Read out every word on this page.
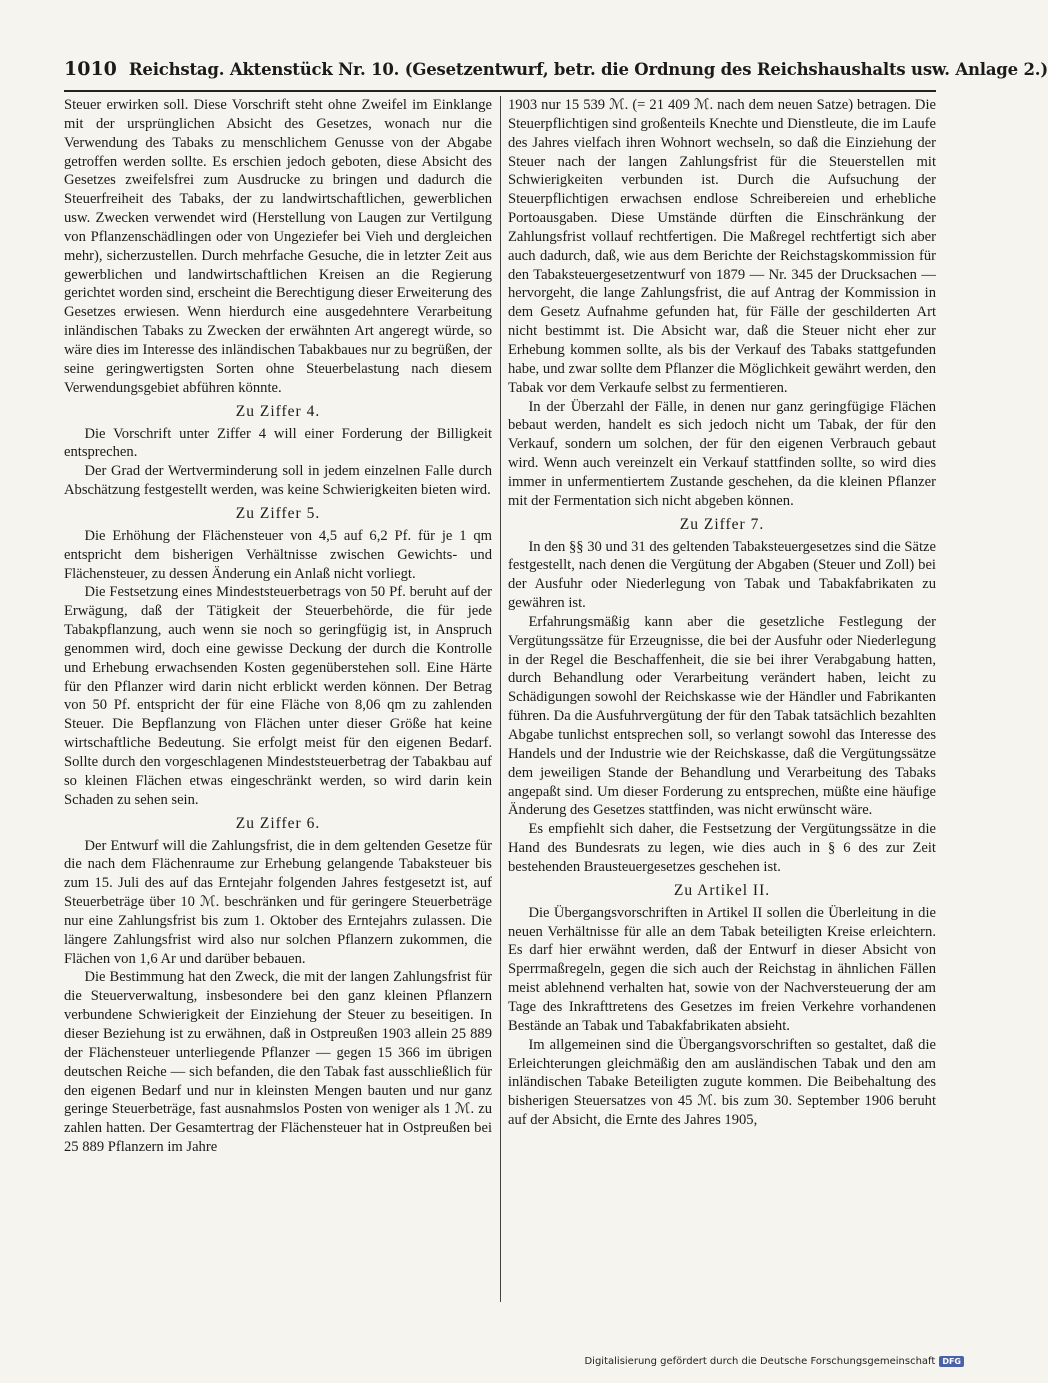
1010 Reichstag. Aktenstück Nr. 10. (Gesetzentwurf, betr. die Ordnung des Reichshaushalts usw. Anlage 2.)

Steuer erwirken soll. Diese Vorschrift steht ohne Zweifel im Einklange mit der ursprünglichen Absicht des Gesetzes, wonach nur die Verwendung des Tabaks zu menschlichem Genusse von der Abgabe getroffen werden sollte. Es erschien jedoch geboten, diese Absicht des Gesetzes zweifelsfrei zum Ausdrucke zu bringen und dadurch die Steuerfreiheit des Tabaks, der zu landwirtschaftlichen, gewerblichen usw. Zwecken verwendet wird (Herstellung von Laugen zur Vertilgung von Pflanzenschädlingen oder von Ungeziefer bei Vieh und dergleichen mehr), sicherzustellen. Durch mehrfache Gesuche, die in letzter Zeit aus gewerblichen und landwirtschaftlichen Kreisen an die Regierung gerichtet worden sind, erscheint die Berechtigung dieser Erweiterung des Gesetzes erwiesen. Wenn hierdurch eine ausgedehntere Verarbeitung inländischen Tabaks zu Zwecken der erwähnten Art angeregt würde, so wäre dies im Interesse des inländischen Tabakbaues nur zu begrüßen, der seine geringwertigsten Sorten ohne Steuerbelastung nach diesem Verwendungsgebiet abführen könnte.

Zu Ziffer 4.

Die Vorschrift unter Ziffer 4 will einer Forderung der Billigkeit entsprechen.

Der Grad der Wertverminderung soll in jedem einzelnen Falle durch Abschätzung festgestellt werden, was keine Schwierigkeiten bieten wird.

Zu Ziffer 5.

Die Erhöhung der Flächensteuer von 4,5 auf 6,2 Pf. für je 1 qm entspricht dem bisherigen Verhältnisse zwischen Gewichts- und Flächensteuer, zu dessen Änderung ein Anlaß nicht vorliegt.

Die Festsetzung eines Mindeststeuerbetrags von 50 Pf. beruht auf der Erwägung, daß der Tätigkeit der Steuerbehörde, die für jede Tabakpflanzung, auch wenn sie noch so geringfügig ist, in Anspruch genommen wird, doch eine gewisse Deckung der durch die Kontrolle und Erhebung erwachsenden Kosten gegenüberstehen soll. Eine Härte für den Pflanzer wird darin nicht erblickt werden können. Der Betrag von 50 Pf. entspricht der für eine Fläche von 8,06 qm zu zahlenden Steuer. Die Bepflanzung von Flächen unter dieser Größe hat keine wirtschaftliche Bedeutung. Sie erfolgt meist für den eigenen Bedarf. Sollte durch den vorgeschlagenen Mindeststeuerbetrag der Tabakbau auf so kleinen Flächen etwas eingeschränkt werden, so wird darin kein Schaden zu sehen sein.

Zu Ziffer 6.

Der Entwurf will die Zahlungsfrist, die in dem geltenden Gesetze für die nach dem Flächenraume zur Erhebung gelangende Tabaksteuer bis zum 15. Juli des auf das Erntejahr folgenden Jahres festgesetzt ist, auf Steuerbeträge über 10 ℳ. beschränken und für geringere Steuerbeträge nur eine Zahlungsfrist bis zum 1. Oktober des Erntejahrs zulassen. Die längere Zahlungsfrist wird also nur solchen Pflanzern zukommen, die Flächen von 1,6 Ar und darüber bebauen.

Die Bestimmung hat den Zweck, die mit der langen Zahlungsfrist für die Steuerverwaltung, insbesondere bei den ganz kleinen Pflanzern verbundene Schwierigkeit der Einziehung der Steuer zu beseitigen. In dieser Beziehung ist zu erwähnen, daß in Ostpreußen 1903 allein 25 889 der Flächensteuer unterliegende Pflanzer — gegen 15 366 im übrigen deutschen Reiche — sich befanden, die den Tabak fast ausschließlich für den eigenen Bedarf und nur in kleinsten Mengen bauten und nur ganz geringe Steuerbeträge, fast ausnahmslos Posten von weniger als 1 ℳ. zu zahlen hatten. Der Gesamtertrag der Flächensteuer hat in Ostpreußen bei 25 889 Pflanzern im Jahre

1903 nur 15 539 ℳ. (= 21 409 ℳ. nach dem neuen Satze) betragen. Die Steuerpflichtigen sind großenteils Knechte und Dienstleute, die im Laufe des Jahres vielfach ihren Wohnort wechseln, so daß die Einziehung der Steuer nach der langen Zahlungsfrist für die Steuerstellen mit Schwierigkeiten verbunden ist. Durch die Aufsuchung der Steuerpflichtigen erwachsen endlose Schreibereien und erhebliche Portoausgaben. Diese Umstände dürften die Einschränkung der Zahlungsfrist vollauf rechtfertigen. Die Maßregel rechtfertigt sich aber auch dadurch, daß, wie aus dem Berichte der Reichstagskommission für den Tabaksteuergesetzentwurf von 1879 — Nr. 345 der Drucksachen — hervorgeht, die lange Zahlungsfrist, die auf Antrag der Kommission in dem Gesetz Aufnahme gefunden hat, für Fälle der geschilderten Art nicht bestimmt ist. Die Absicht war, daß die Steuer nicht eher zur Erhebung kommen sollte, als bis der Verkauf des Tabaks stattgefunden habe, und zwar sollte dem Pflanzer die Möglichkeit gewährt werden, den Tabak vor dem Verkaufe selbst zu fermentieren.

In der Überzahl der Fälle, in denen nur ganz geringfügige Flächen bebaut werden, handelt es sich jedoch nicht um Tabak, der für den Verkauf, sondern um solchen, der für den eigenen Verbrauch gebaut wird. Wenn auch vereinzelt ein Verkauf stattfinden sollte, so wird dies immer in unfermentiertem Zustande geschehen, da die kleinen Pflanzer mit der Fermentation sich nicht abgeben können.

Zu Ziffer 7.

In den §§ 30 und 31 des geltenden Tabaksteuergesetzes sind die Sätze festgestellt, nach denen die Vergütung der Abgaben (Steuer und Zoll) bei der Ausfuhr oder Niederlegung von Tabak und Tabakfabrikaten zu gewähren ist.

Erfahrungsmäßig kann aber die gesetzliche Festlegung der Vergütungssätze für Erzeugnisse, die bei der Ausfuhr oder Niederlegung in der Regel die Beschaffenheit, die sie bei ihrer Verabgabung hatten, durch Behandlung oder Verarbeitung verändert haben, leicht zu Schädigungen sowohl der Reichskasse wie der Händler und Fabrikanten führen. Da die Ausfuhrvergütung der für den Tabak tatsächlich bezahlten Abgabe tunlichst entsprechen soll, so verlangt sowohl das Interesse des Handels und der Industrie wie der Reichskasse, daß die Vergütungssätze dem jeweiligen Stande der Behandlung und Verarbeitung des Tabaks angepaßt sind. Um dieser Forderung zu entsprechen, müßte eine häufige Änderung des Gesetzes stattfinden, was nicht erwünscht wäre.

Es empfiehlt sich daher, die Festsetzung der Vergütungssätze in die Hand des Bundesrats zu legen, wie dies auch in § 6 des zur Zeit bestehenden Brausteuergesetzes geschehen ist.

Zu Artikel II.

Die Übergangsvorschriften in Artikel II sollen die Überleitung in die neuen Verhältnisse für alle an dem Tabak beteiligten Kreise erleichtern. Es darf hier erwähnt werden, daß der Entwurf in dieser Absicht von Sperrmaßregeln, gegen die sich auch der Reichstag in ähnlichen Fällen meist ablehnend verhalten hat, sowie von der Nachversteuerung der am Tage des Inkrafttretens des Gesetzes im freien Verkehre vorhandenen Bestände an Tabak und Tabakfabrikaten absieht.

Im allgemeinen sind die Übergangsvorschriften so gestaltet, daß die Erleichterungen gleichmäßig den am ausländischen Tabak und den am inländischen Tabake Beteiligten zugute kommen. Die Beibehaltung des bisherigen Steuersatzes von 45 ℳ. bis zum 30. September 1906 beruht auf der Absicht, die Ernte des Jahres 1905,

Digitalisierung gefördert durch die Deutsche Forschungsgemeinschaft DFG
